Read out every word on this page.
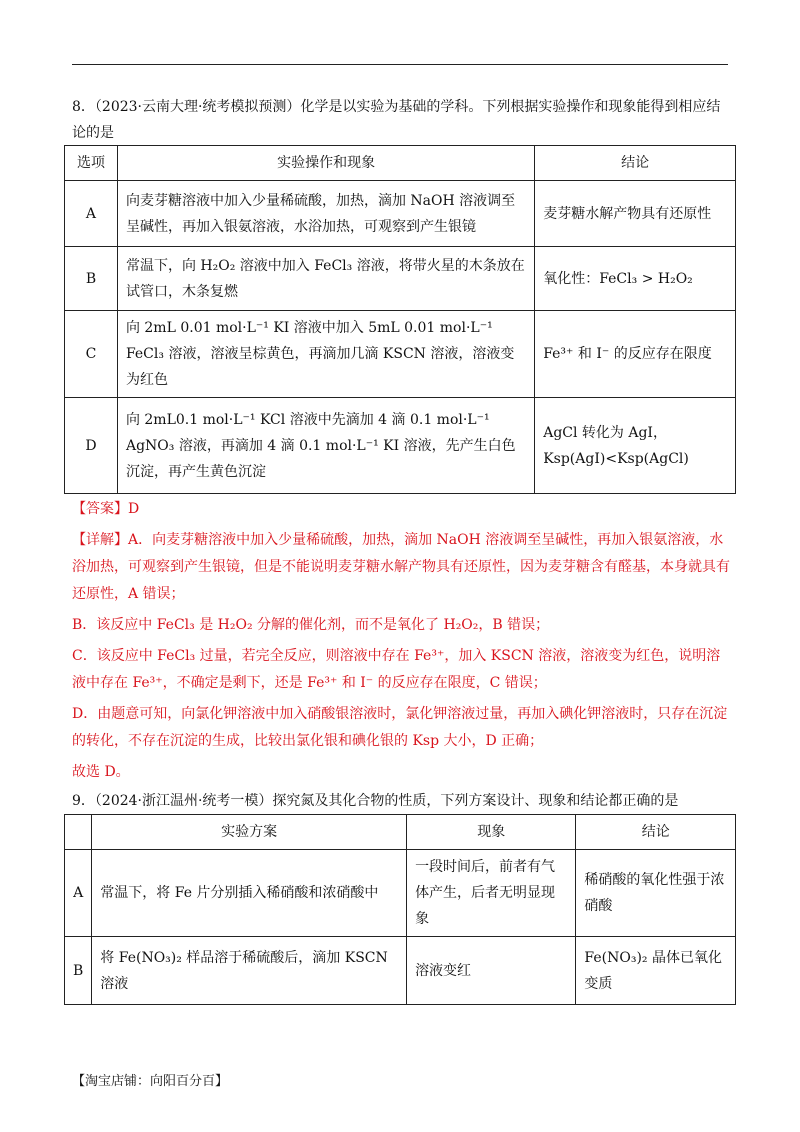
8．（2023·云南大理·统考模拟预测）化学是以实验为基础的学科。下列根据实验操作和现象能得到相应结论的是
选项	实验操作和现象	结论
A	向麦芽糖溶液中加入少量稀硫酸，加热，滴加 NaOH 溶液调至呈碱性，再加入银氨溶液，水浴加热，可观察到产生银镜	麦芽糖水解产物具有还原性
B	常温下，向 H₂O₂ 溶液中加入 FeCl₃ 溶液，将带火星的木条放在试管口，木条复燃	氧化性：FeCl₃ > H₂O₂
C	向 2mL 0.01 mol·L⁻¹ KI 溶液中加入 5mL 0.01 mol·L⁻¹ FeCl₃ 溶液，溶液呈棕黄色，再滴加几滴 KSCN 溶液，溶液变为红色	Fe³⁺ 和 I⁻ 的反应存在限度
D	向 2mL0.1 mol·L⁻¹ KCl 溶液中先滴加 4 滴 0.1 mol·L⁻¹ AgNO₃ 溶液，再滴加 4 滴 0.1 mol·L⁻¹ KI 溶液，先产生白色沉淀，再产生黄色沉淀	AgCl 转化为 AgI，
Ksp(AgI)<Ksp(AgCl)

【答案】D

【详解】A．向麦芽糖溶液中加入少量稀硫酸，加热，滴加 NaOH 溶液调至呈碱性，再加入银氨溶液，水浴加热，可观察到产生银镜，但是不能说明麦芽糖水解产物具有还原性，因为麦芽糖含有醛基，本身就具有还原性，A 错误；

B．该反应中 FeCl₃ 是 H₂O₂ 分解的催化剂，而不是氧化了 H₂O₂，B 错误；

C．该反应中 FeCl₃ 过量，若完全反应，则溶液中存在 Fe³⁺，加入 KSCN 溶液，溶液变为红色，说明溶液中存在 Fe³⁺，不确定是剩下，还是 Fe³⁺ 和 I⁻ 的反应存在限度，C 错误；

D．由题意可知，向氯化钾溶液中加入硝酸银溶液时，氯化钾溶液过量，再加入碘化钾溶液时，只存在沉淀的转化，不存在沉淀的生成，比较出氯化银和碘化银的 Ksp 大小，D 正确；

故选 D。

9．（2024·浙江温州·统考一模）探究氮及其化合物的性质，下列方案设计、现象和结论都正确的是
	实验方案	现象	结论
A	常温下，将 Fe 片分别插入稀硝酸和浓硝酸中	一段时间后，前者有气体产生，后者无明显现象	稀硝酸的氧化性强于浓硝酸
B	将 Fe(NO₃)₂ 样品溶于稀硫酸后，滴加 KSCN 溶液	溶液变红	Fe(NO₃)₂ 晶体已氧化变质
【淘宝店铺：向阳百分百】
